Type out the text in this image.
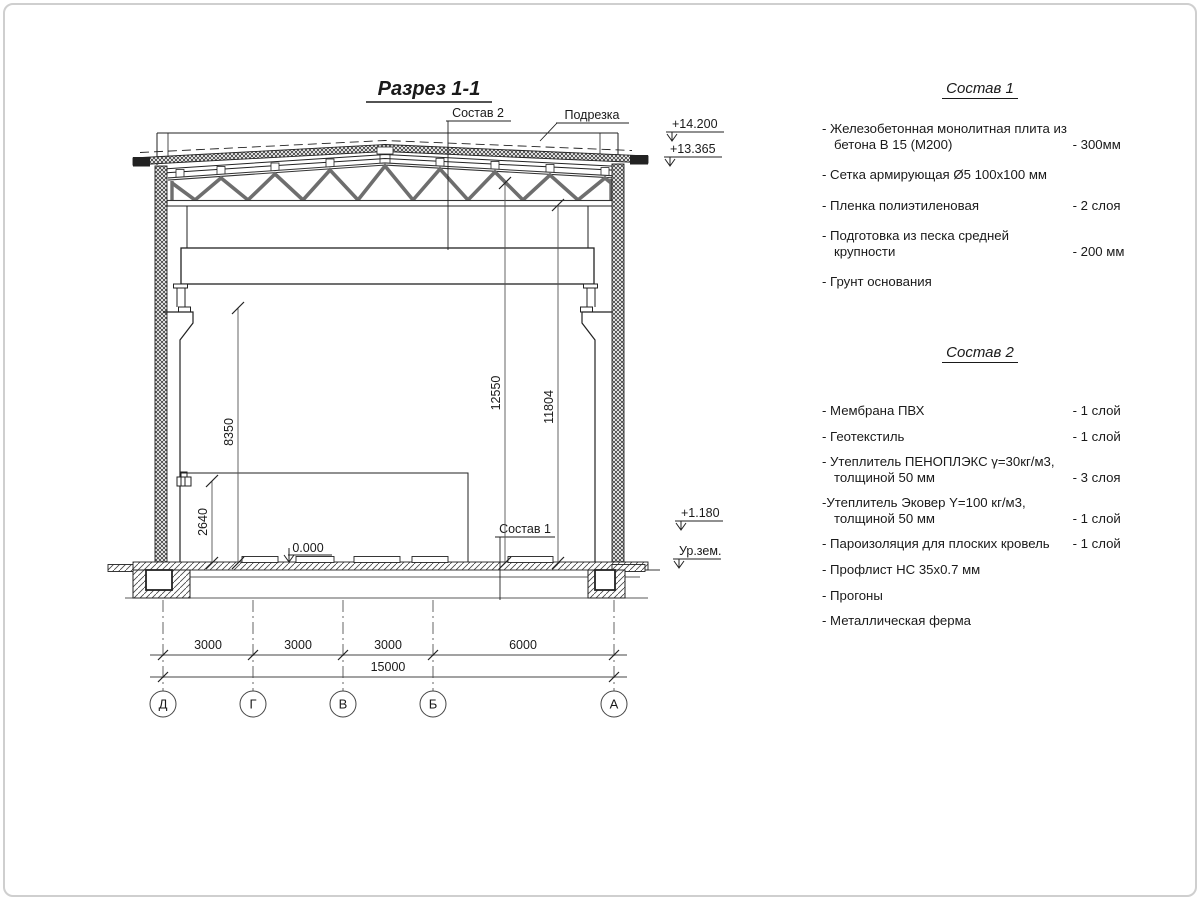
Разрез 1-1
Состав 2	Подрезка
Состав 1
+14.200
+13.365
+1.180
Ур.зем.
0.000
8350
2640
12550	11804
3000	3000	3000	6000
15000
Д	Г	В	Б	А
Состав 1
- Железобетонная монолитная плита из бетона В 15 (М200)	- 300мм
- Сетка армирующая Ø5 100х100 мм
- Пленка полиэтиленовая	- 2 слоя
- Подготовка из песка средней крупности	- 200 мм
- Грунт основания
Состав 2
- Мембрана ПВХ	- 1 слой
- Геотекстиль	- 1 слой
- Утеплитель ПЕНОПЛЭКС γ=30кг/м3, толщиной 50 мм	- 3 слоя
-Утеплитель Эковер Y=100 кг/м3, толщиной 50 мм	- 1 слой
- Пароизоляция для плоских кровель	- 1 слой
- Профлист НС 35х0.7 мм
- Прогоны
- Металлическая ферма
